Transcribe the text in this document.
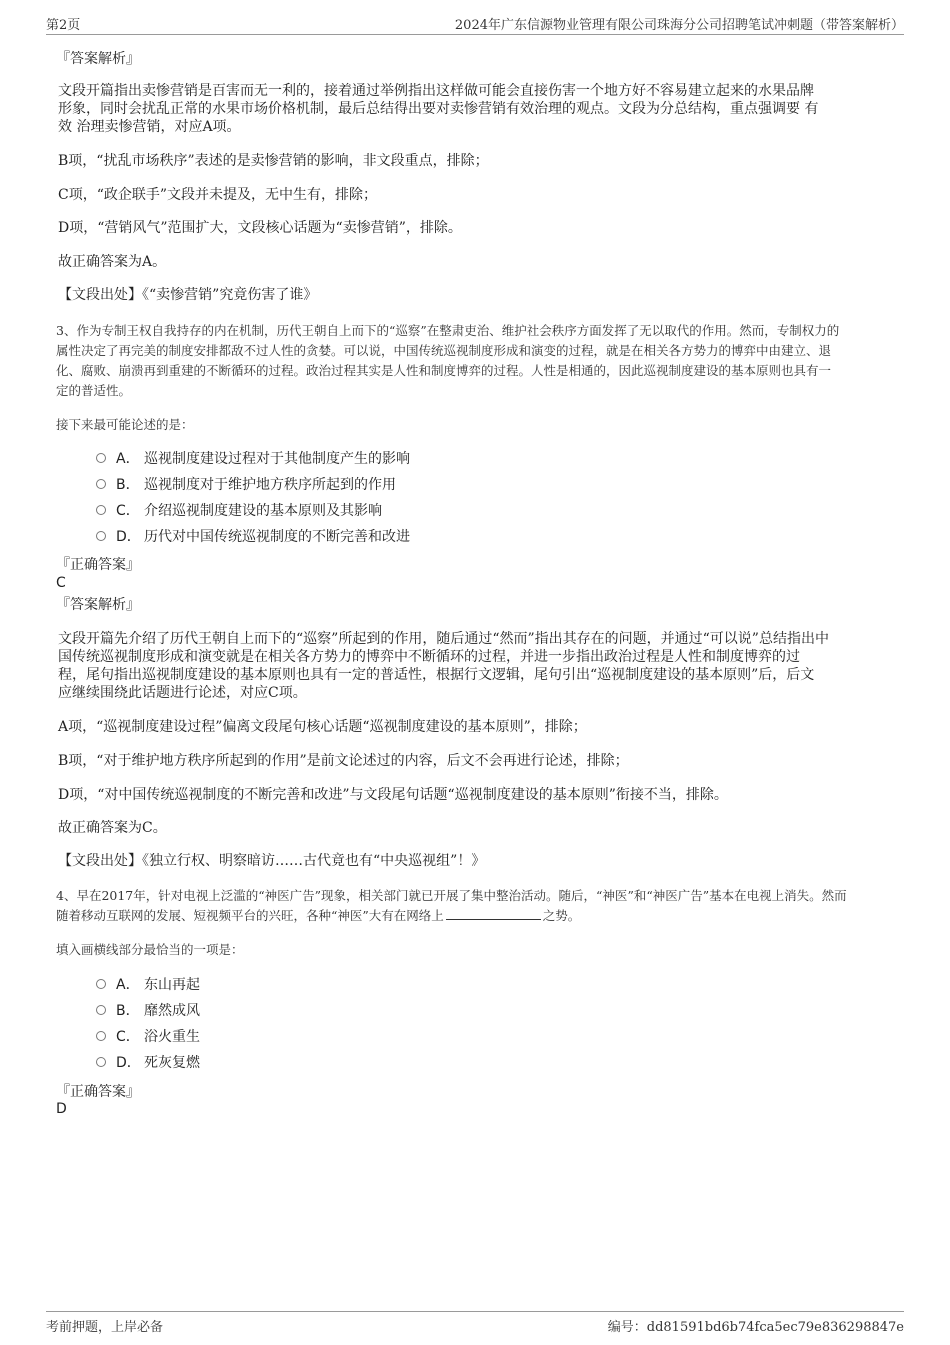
第2页	2024年广东信源物业管理有限公司珠海分公司招聘笔试冲刺题（带答案解析）
『答案解析』
文段开篇指出卖惨营销是百害而无一利的，接着通过举例指出这样做可能会直接伤害一个地方好不容易建立起来的水果品牌
形象，同时会扰乱正常的水果市场价格机制，最后总结得出要对卖惨营销有效治理的观点。文段为分总结构，重点强调要 有
效 治理卖惨营销，对应A项。
B项，“扰乱市场秩序”表述的是卖惨营销的影响，非文段重点，排除；
C项，“政企联手”文段并未提及，无中生有，排除；
D项，“营销风气”范围扩大，文段核心话题为“卖惨营销”，排除。
故正确答案为A。
【文段出处】《“卖惨营销”究竟伤害了谁》
3、作为专制王权自我持存的内在机制，历代王朝自上而下的“巡察”在整肃吏治、维护社会秩序方面发挥了无以取代的作用。然而，专制权力的
属性决定了再完美的制度安排都敌不过人性的贪婪。可以说，中国传统巡视制度形成和演变的过程，就是在相关各方势力的博弈中由建立、退
化、腐败、崩溃再到重建的不断循环的过程。政治过程其实是人性和制度博弈的过程。人性是相通的，因此巡视制度建设的基本原则也具有一
定的普适性。
接下来最可能论述的是：
A． 巡视制度建设过程对于其他制度产生的影响
B． 巡视制度对于维护地方秩序所起到的作用
C． 介绍巡视制度建设的基本原则及其影响
D． 历代对中国传统巡视制度的不断完善和改进
『正确答案』
C
『答案解析』
文段开篇先介绍了历代王朝自上而下的“巡察”所起到的作用，随后通过“然而”指出其存在的问题，并通过“可以说”总结指出中
国传统巡视制度形成和演变就是在相关各方势力的博弈中不断循环的过程，并进一步指出政治过程是人性和制度博弈的过
程，尾句指出巡视制度建设的基本原则也具有一定的普适性，根据行文逻辑，尾句引出“巡视制度建设的基本原则”后，后文
应继续围绕此话题进行论述，对应C项。
A项，“巡视制度建设过程”偏离文段尾句核心话题“巡视制度建设的基本原则”，排除；
B项，“对于维护地方秩序所起到的作用”是前文论述过的内容，后文不会再进行论述，排除；
D项，“对中国传统巡视制度的不断完善和改进”与文段尾句话题“巡视制度建设的基本原则”衔接不当，排除。
故正确答案为C。
【文段出处】《独立行权、明察暗访……古代竟也有“中央巡视组”！》
4、早在2017年，针对电视上泛滥的“神医广告”现象，相关部门就已开展了集中整治活动。随后，“神医”和“神医广告”基本在电视上消失。然而
随着移动互联网的发展、短视频平台的兴旺，各种“神医”大有在网络上	之势。
填入画横线部分最恰当的一项是：
A． 东山再起
B． 靡然成风
C． 浴火重生
D． 死灰复燃
『正确答案』
D
考前押题，上岸必备	编号：dd81591bd6b74fca5ec79e836298847e
